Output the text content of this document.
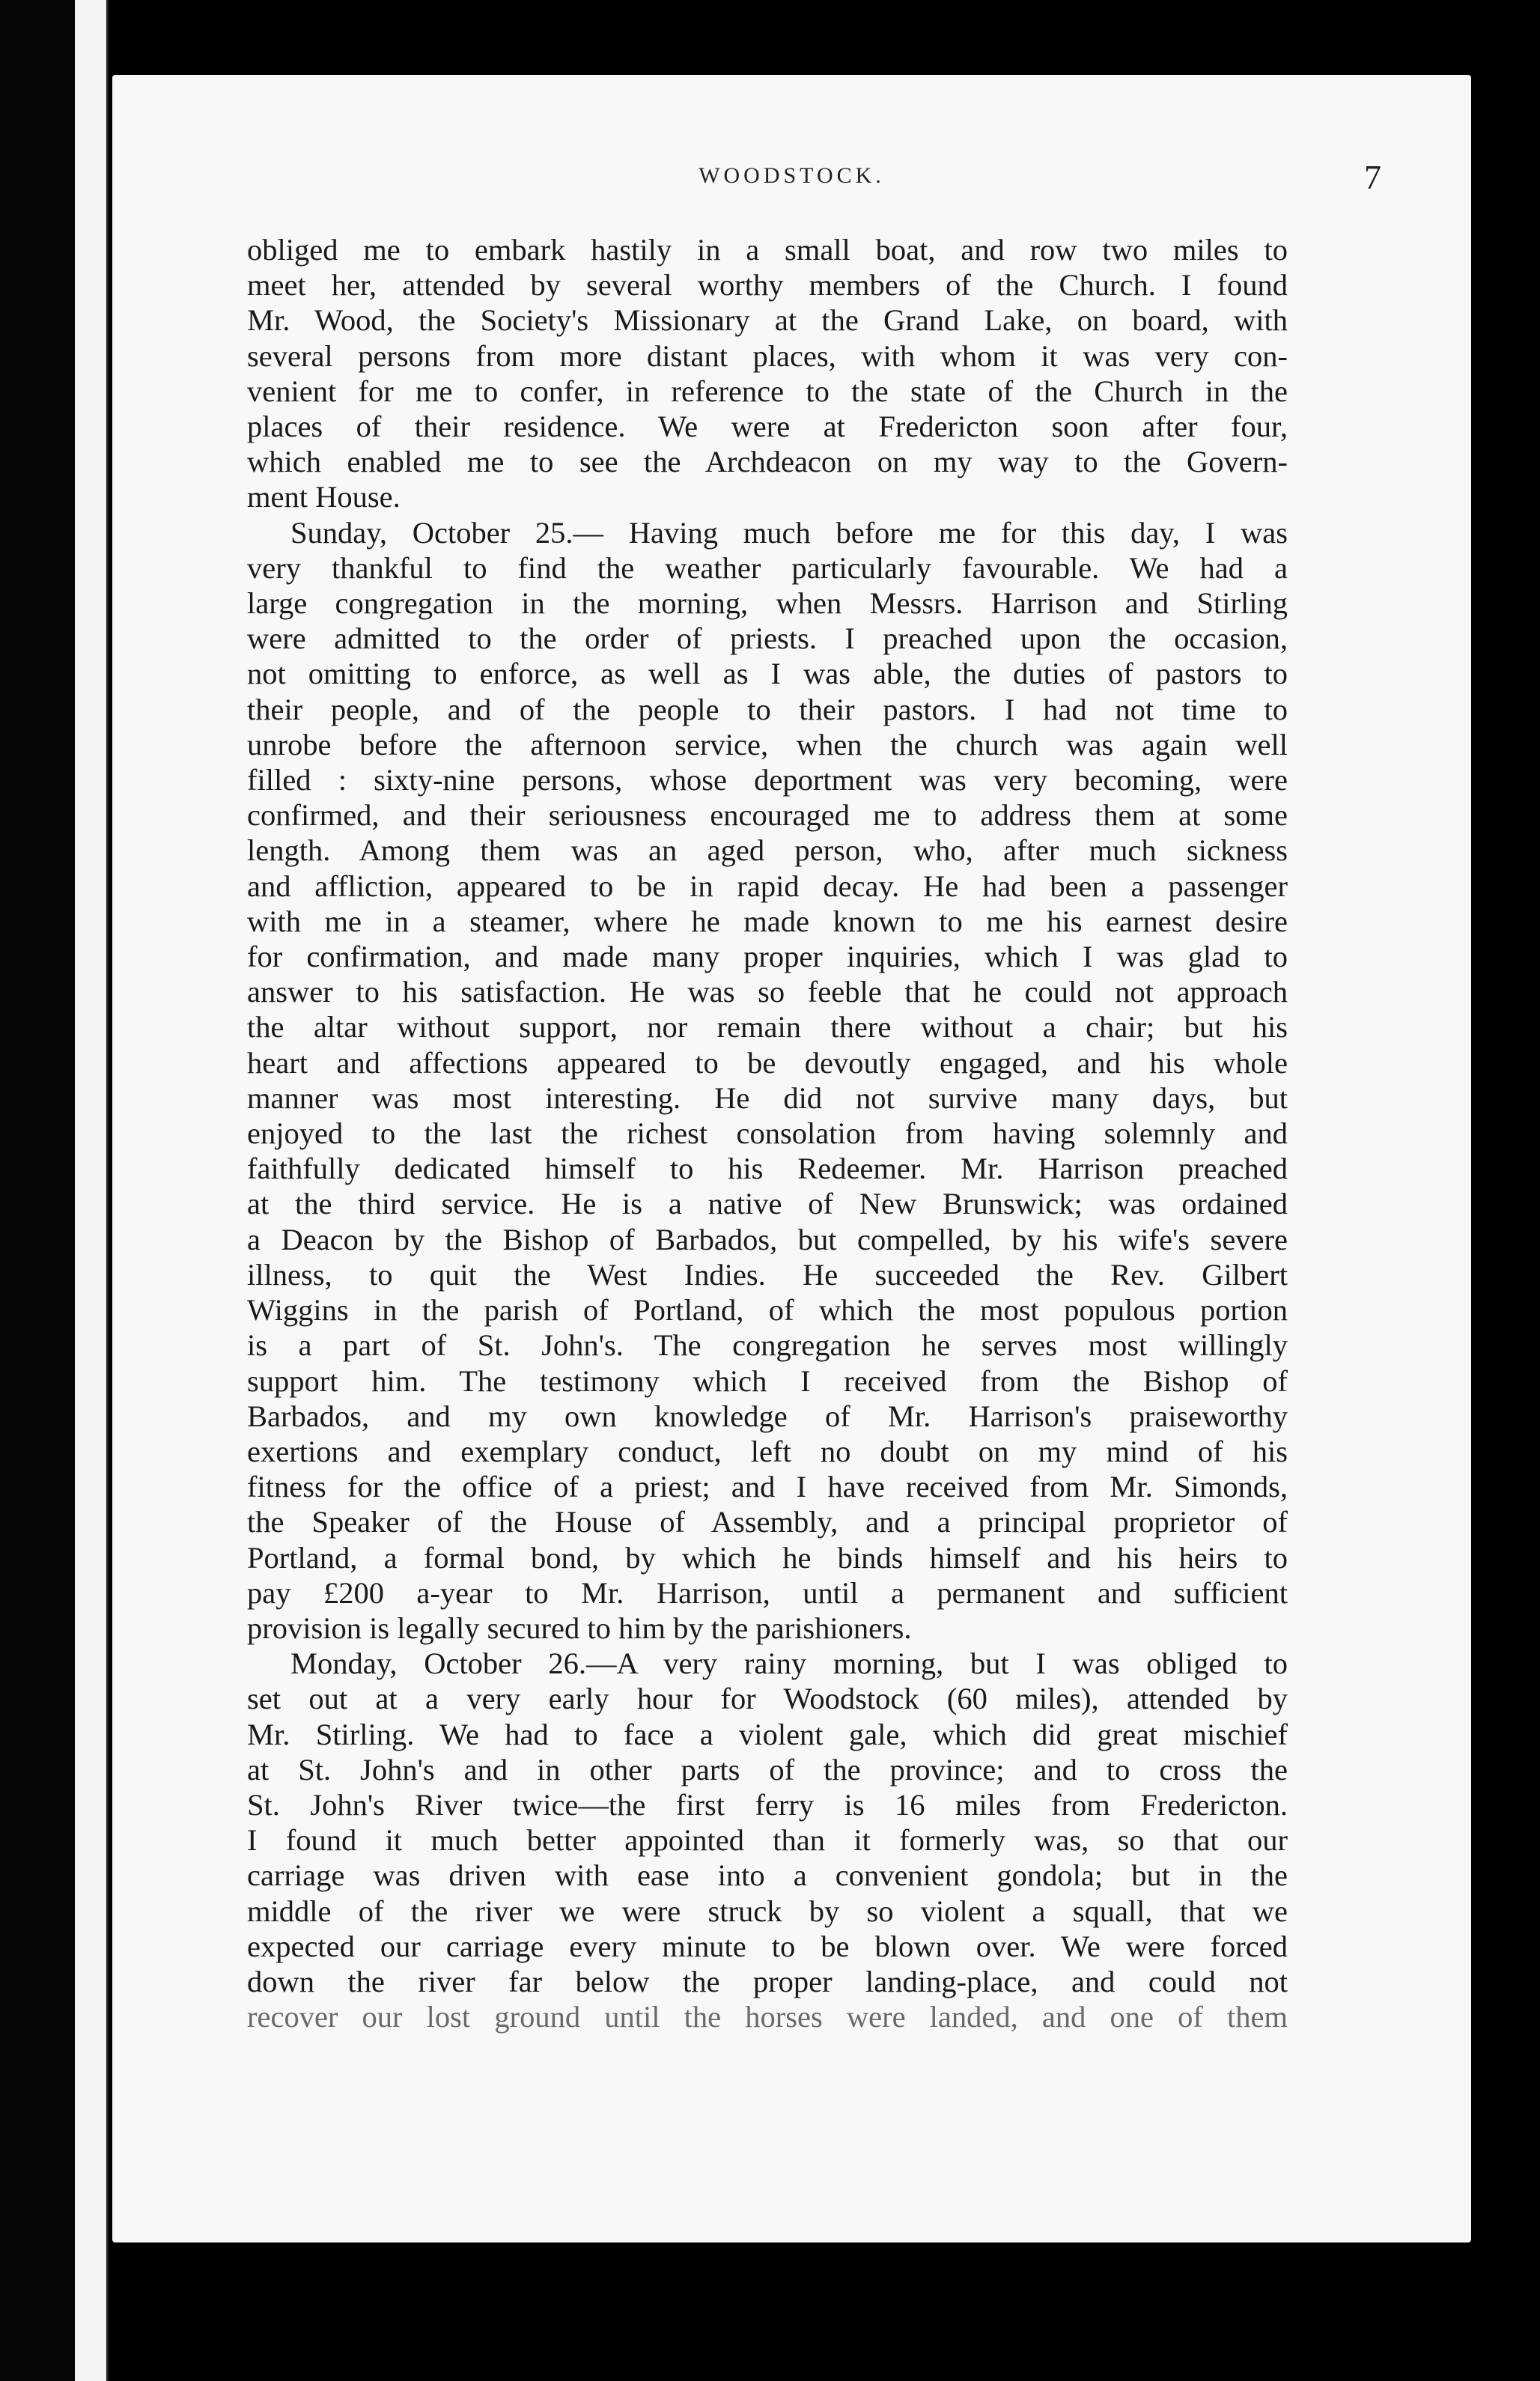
WOODSTOCK.	7
obliged me to embark hastily in a small boat, and row two miles to
meet her, attended by several worthy members of the Church. I found
Mr. Wood, the Society's Missionary at the Grand Lake, on board, with
several persons from more distant places, with whom it was very con-
venient for me to confer, in reference to the state of the Church in the
places of their residence. We were at Fredericton soon after four,
which enabled me to see the Archdeacon on my way to the Govern-
ment House.
Sunday, October 25.— Having much before me for this day, I was
very thankful to find the weather particularly favourable. We had a
large congregation in the morning, when Messrs. Harrison and Stirling
were admitted to the order of priests. I preached upon the occasion,
not omitting to enforce, as well as I was able, the duties of pastors to
their people, and of the people to their pastors. I had not time to
unrobe before the afternoon service, when the church was again well
filled : sixty-nine persons, whose deportment was very becoming, were
confirmed, and their seriousness encouraged me to address them at some
length. Among them was an aged person, who, after much sickness
and affliction, appeared to be in rapid decay. He had been a passenger
with me in a steamer, where he made known to me his earnest desire
for confirmation, and made many proper inquiries, which I was glad to
answer to his satisfaction. He was so feeble that he could not approach
the altar without support, nor remain there without a chair; but his
heart and affections appeared to be devoutly engaged, and his whole
manner was most interesting. He did not survive many days, but
enjoyed to the last the richest consolation from having solemnly and
faithfully dedicated himself to his Redeemer. Mr. Harrison preached
at the third service. He is a native of New Brunswick; was ordained
a Deacon by the Bishop of Barbados, but compelled, by his wife's severe
illness, to quit the West Indies. He succeeded the Rev. Gilbert
Wiggins in the parish of Portland, of which the most populous portion
is a part of St. John's. The congregation he serves most willingly
support him. The testimony which I received from the Bishop of
Barbados, and my own knowledge of Mr. Harrison's praiseworthy
exertions and exemplary conduct, left no doubt on my mind of his
fitness for the office of a priest; and I have received from Mr. Simonds,
the Speaker of the House of Assembly, and a principal proprietor of
Portland, a formal bond, by which he binds himself and his heirs to
pay £200 a-year to Mr. Harrison, until a permanent and sufficient
provision is legally secured to him by the parishioners.
Monday, October 26.—A very rainy morning, but I was obliged to
set out at a very early hour for Woodstock (60 miles), attended by
Mr. Stirling. We had to face a violent gale, which did great mischief
at St. John's and in other parts of the province; and to cross the
St. John's River twice—the first ferry is 16 miles from Fredericton.
I found it much better appointed than it formerly was, so that our
carriage was driven with ease into a convenient gondola; but in the
middle of the river we were struck by so violent a squall, that we
expected our carriage every minute to be blown over. We were forced
down the river far below the proper landing-place, and could not
recover our lost ground until the horses were landed, and one of them
